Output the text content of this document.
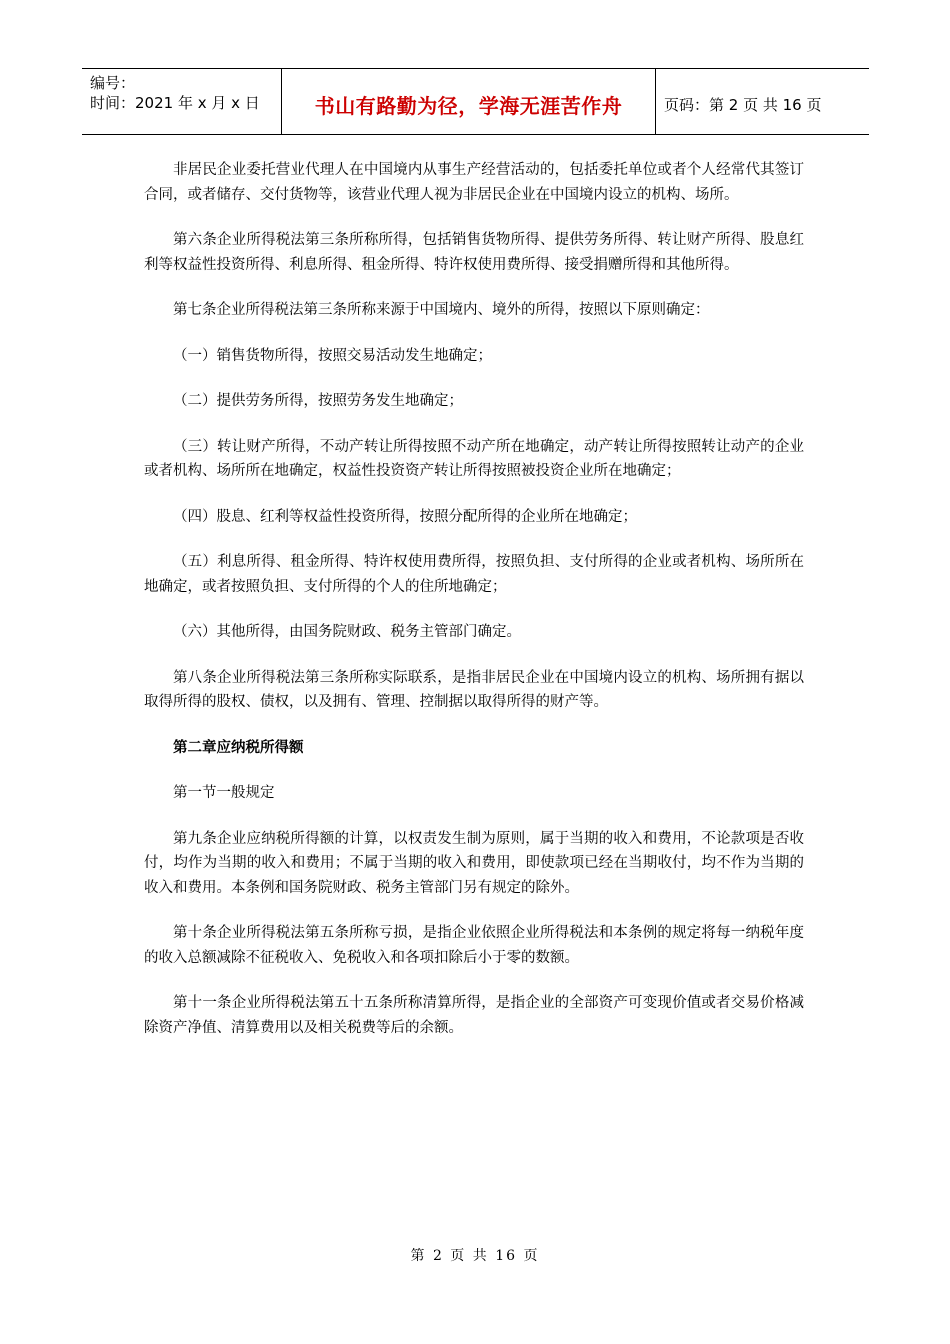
编号：
时间：2021 年 x 月 x 日	书山有路勤为径，学海无涯苦作舟	页码：第 2 页 共 16 页

非居民企业委托营业代理人在中国境内从事生产经营活动的，包括委托单位或者个人经常代其签订合同，或者储存、交付货物等，该营业代理人视为非居民企业在中国境内设立的机构、场所。

第六条企业所得税法第三条所称所得，包括销售货物所得、提供劳务所得、转让财产所得、股息红利等权益性投资所得、利息所得、租金所得、特许权使用费所得、接受捐赠所得和其他所得。

第七条企业所得税法第三条所称来源于中国境内、境外的所得，按照以下原则确定：

（一）销售货物所得，按照交易活动发生地确定；

（二）提供劳务所得，按照劳务发生地确定；

（三）转让财产所得，不动产转让所得按照不动产所在地确定，动产转让所得按照转让动产的企业或者机构、场所所在地确定，权益性投资资产转让所得按照被投资企业所在地确定；

（四）股息、红利等权益性投资所得，按照分配所得的企业所在地确定；

（五）利息所得、租金所得、特许权使用费所得，按照负担、支付所得的企业或者机构、场所所在地确定，或者按照负担、支付所得的个人的住所地确定；

（六）其他所得，由国务院财政、税务主管部门确定。

第八条企业所得税法第三条所称实际联系，是指非居民企业在中国境内设立的机构、场所拥有据以取得所得的股权、债权，以及拥有、管理、控制据以取得所得的财产等。

第二章应纳税所得额

第一节一般规定

第九条企业应纳税所得额的计算，以权责发生制为原则，属于当期的收入和费用，不论款项是否收付，均作为当期的收入和费用；不属于当期的收入和费用，即使款项已经在当期收付，均不作为当期的收入和费用。本条例和国务院财政、税务主管部门另有规定的除外。

第十条企业所得税法第五条所称亏损，是指企业依照企业所得税法和本条例的规定将每一纳税年度的收入总额减除不征税收入、免税收入和各项扣除后小于零的数额。

第十一条企业所得税法第五十五条所称清算所得，是指企业的全部资产可变现价值或者交易价格减除资产净值、清算费用以及相关税费等后的余额。

第 2 页 共 16 页
